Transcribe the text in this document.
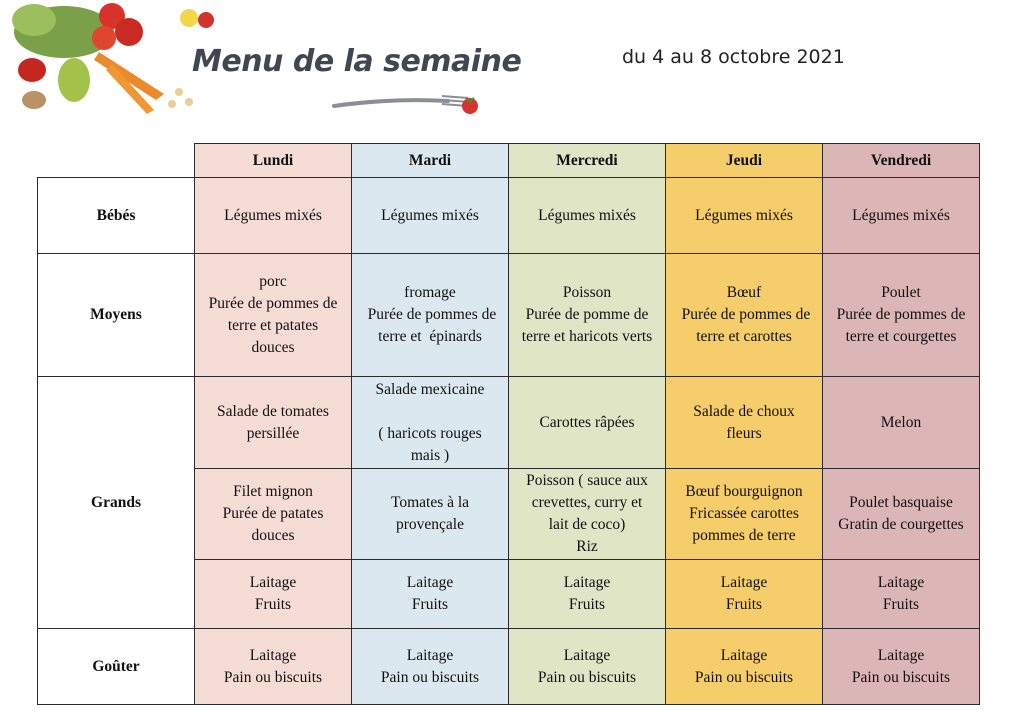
Menu de la semaine	du 4 au 8 octobre 2021
	Lundi	Mardi	Mercredi	Jeudi	Vendredi
Bébés	Légumes mixés	Légumes mixés	Légumes mixés	Légumes mixés	Légumes mixés
Moyens	porc
Purée de pommes de
terre et patates
douces	fromage
Purée de pommes de
terre et  épinards	Poisson
Purée de pomme de
terre et haricots verts	Bœuf
Purée de pommes de
terre et carottes	Poulet
Purée de pommes de
terre et courgettes

Grands	Salade de tomates
persillée	Salade mexicaine

( haricots rouges
mais )	Carottes râpées	Salade de choux
fleurs	Melon

	Filet mignon
Purée de patates
douces	Tomates à la
provençale	Poisson ( sauce aux
crevettes, curry et
lait de coco)
Riz	Bœuf bourguignon
Fricassée carottes
pommes de terre	Poulet basquaise
Gratin de courgettes

	Laitage
Fruits	Laitage
Fruits	Laitage
Fruits	Laitage
Fruits	Laitage
Fruits

Goûter	Laitage
Pain ou biscuits	Laitage
Pain ou biscuits	Laitage
Pain ou biscuits	Laitage
Pain ou biscuits	Laitage
Pain ou biscuits
